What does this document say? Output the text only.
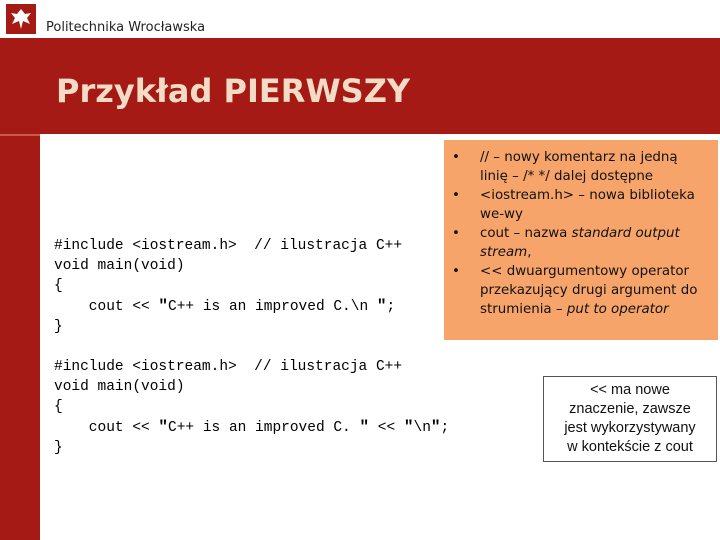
Politechnika Wrocławska
Przykład PIERWSZY
#include <iostream.h>  // ilustracja C++
void main(void)
{
cout << "C++ is an improved C.\n ";
}
#include <iostream.h>  // ilustracja C++
void main(void)
{
cout << "C++ is an improved C. " << "\n";
}
• // – nowy komentarz na jedną
linię – /* */ dalej dostępne
• <iostream.h> – nowa biblioteka
we-wy
• cout – nazwa standard output
stream,
• << dwuargumentowy operator
przekazujący drugi argument do
strumienia – put to operator
<< ma nowe
znaczenie, zawsze
jest wykorzystywany
w kontekście z cout
